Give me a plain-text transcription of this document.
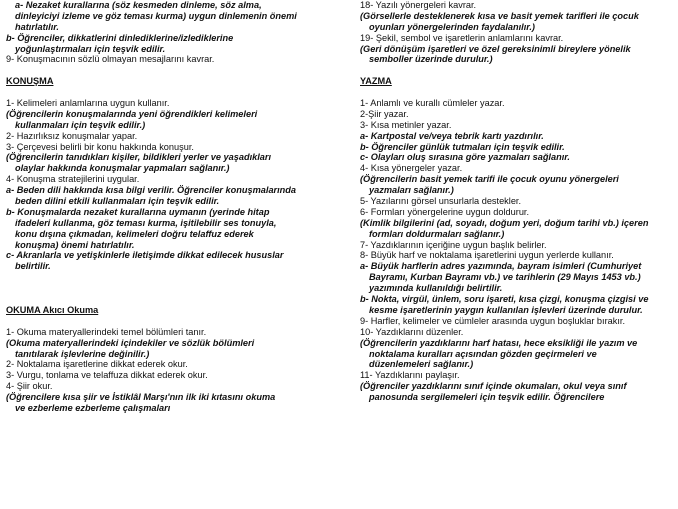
a- Nezaket kurallarına (söz kesmeden dinleme, söz alma,
dinleyiciyi izleme ve göz teması kurma) uygun dinlemenin önemi
hatırlatılır.
b- Öğrenciler, dikkatlerini dinlediklerine/izlediklerine
yoğunlaştırmaları için teşvik edilir.
9- Konuşmacının sözlü olmayan mesajlarını kavrar.
KONUŞMA
1- Kelimeleri anlamlarına uygun kullanır.
(Öğrencilerin konuşmalarında yeni öğrendikleri kelimeleri
kullanmaları için teşvik edilir.)
2- Hazırlıksız konuşmalar yapar.
3- Çerçevesi belirli bir konu hakkında konuşur.
(Öğrencilerin tanıdıkları kişiler, bildikleri yerler ve yaşadıkları
olaylar hakkında konuşmalar yapmaları sağlanır.)
4- Konuşma stratejilerini uygular.
a- Beden dili hakkında kısa bilgi verilir. Öğrenciler konuşmalarında
beden dilini etkili kullanmaları için teşvik edilir.
b- Konuşmalarda nezaket kurallarına uymanın (yerinde hitap
ifadeleri kullanma, göz teması kurma, işitilebilir ses tonuyla,
konu dışına çıkmadan, kelimeleri doğru telaffuz ederek
konuşma) önemi hatırlatılır.
c- Akranlarla ve yetişkinlerle iletişimde dikkat edilecek hususlar
belirtilir.
OKUMA Akıcı Okuma
1- Okuma materyallerindeki temel bölümleri tanır.
(Okuma materyallerindeki içindekiler ve sözlük bölümleri
tanıtılarak işlevlerine değinilir.)
2- Noktalama işaretlerine dikkat ederek okur.
3- Vurgu, tonlama ve telaffuza dikkat ederek okur.
4- Şiir okur.
(Öğrencilere kısa şiir ve İstiklâl Marşı'nın ilk iki kıtasını okuma
ve ezberleme ezberleme çalışmaları
18- Yazılı yönergeleri kavrar.
(Görsellerle desteklenerek kısa ve basit yemek tarifleri ile çocuk
oyunları yönergelerinden faydalanılır.)
19- Şekil, sembol ve işaretlerin anlamlarını kavrar.
(Geri dönüşüm işaretleri ve özel gereksinimli bireylere yönelik
semboller üzerinde durulur.)
YAZMA
1- Anlamlı ve kurallı cümleler yazar.
2-Şiir yazar.
3- Kısa metinler yazar.
a- Kartpostal ve/veya tebrik kartı yazdırılır.
b- Öğrenciler günlük tutmaları için teşvik edilir.
c- Olayları oluş sırasına göre yazmaları sağlanır.
4- Kısa yönergeler yazar.
(Öğrencilerin basit yemek tarifi ile çocuk oyunu yönergeleri
yazmaları sağlanır.)
5- Yazılarını görsel unsurlarla destekler.
6- Formları yönergelerine uygun doldurur.
(Kimlik bilgilerini (ad, soyadı, doğum yeri, doğum tarihi vb.) içeren
formları doldurmaları sağlanır.)
7- Yazdıklarının içeriğine uygun başlık belirler.
8- Büyük harf ve noktalama işaretlerini uygun yerlerde kullanır.
a- Büyük harflerin adres yazımında, bayram isimleri (Cumhuriyet
Bayramı, Kurban Bayramı vb.) ve tarihlerin (29 Mayıs 1453 vb.)
yazımında kullanıldığı belirtilir.
b- Nokta, virgül, ünlem, soru işareti, kısa çizgi, konuşma çizgisi ve
kesme işaretlerinin yaygın kullanılan işlevleri üzerinde durulur.
9- Harfler, kelimeler ve cümleler arasında uygun boşluklar bırakır.
10- Yazdıklarını düzenler.
(Öğrencilerin yazdıklarını harf hatası, hece eksikliği ile yazım ve
noktalama kuralları açısından gözden geçirmeleri ve
düzenlemeleri sağlanır.)
11- Yazdıklarını paylaşır.
(Öğrenciler yazdıklarını sınıf içinde okumaları, okul veya sınıf
panosunda sergilemeleri için teşvik edilir. Öğrencilere
